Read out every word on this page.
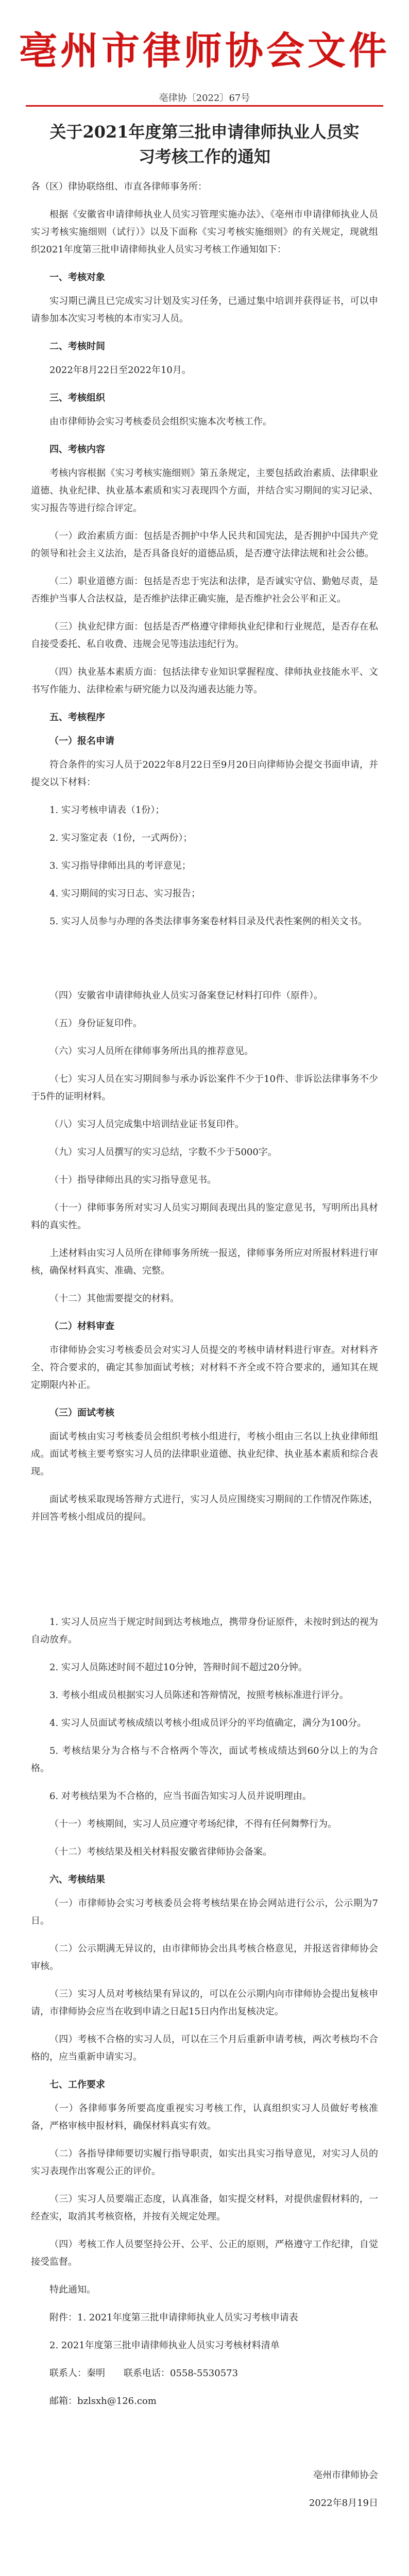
亳州市律师协会文件
亳律协〔2022〕67号
关于2021年度第三批申请律师执业人员实习考核工作的通知

各（区）律协联络组、市直各律师事务所：

根据《安徽省申请律师执业人员实习管理实施办法》、《亳州市申请律师执业人员实习考核实施细则（试行）》以及下面称《实习考核实施细则》的有关规定，现就组织2021年度第三批申请律师执业人员实习考核工作通知如下：

一、考核对象

实习期已满且已完成实习计划及实习任务，已通过集中培训并获得证书，可以申请参加本次实习考核的本市实习人员。

二、考核时间

2022年8月22日至2022年10月。

三、考核组织

由市律师协会实习考核委员会组织实施本次考核工作。

四、考核内容

考核内容根据《实习考核实施细则》第五条规定，主要包括政治素质、法律职业道德、执业纪律、执业基本素质和实习表现四个方面，并结合实习期间的实习记录、实习报告等进行综合评定。

（一）政治素质方面：包括是否拥护中华人民共和国宪法，是否拥护中国共产党的领导和社会主义法治，是否具备良好的道德品质，是否遵守法律法规和社会公德。

（二）职业道德方面：包括是否忠于宪法和法律，是否诚实守信、勤勉尽责，是否维护当事人合法权益，是否维护法律正确实施，是否维护社会公平和正义。

（三）执业纪律方面：包括是否严格遵守律师执业纪律和行业规范，是否存在私自接受委托、私自收费、违规会见等违法违纪行为。

（四）执业基本素质方面：包括法律专业知识掌握程度、律师执业技能水平、文书写作能力、法律检索与研究能力以及沟通表达能力等。

五、考核程序

（一）报名申请

符合条件的实习人员于2022年8月22日至9月20日向律师协会提交书面申请，并提交以下材料：

1. 实习考核申请表（1份）；

2. 实习鉴定表（1份，一式两份）；

3. 实习指导律师出具的考评意见；

4. 实习期间的实习日志、实习报告；

5. 实习人员参与办理的各类法律事务案卷材料目录及代表性案例的相关文书。

（四）安徽省申请律师执业人员实习备案登记材料打印件（原件）。

（五）身份证复印件。

（六）实习人员所在律师事务所出具的推荐意见。

（七）实习人员在实习期间参与承办诉讼案件不少于10件、非诉讼法律事务不少于5件的证明材料。

（八）实习人员完成集中培训结业证书复印件。

（九）实习人员撰写的实习总结，字数不少于5000字。

（十）指导律师出具的实习指导意见书。

（十一）律师事务所对实习人员实习期间表现出具的鉴定意见书，写明所出具材料的真实性。

上述材料由实习人员所在律师事务所统一报送，律师事务所应对所报材料进行审核，确保材料真实、准确、完整。

（十二）其他需要提交的材料。

（二）材料审查

市律师协会实习考核委员会对实习人员提交的考核申请材料进行审查。对材料齐全、符合要求的，确定其参加面试考核；对材料不齐全或不符合要求的，通知其在规定期限内补正。

（三）面试考核

面试考核由实习考核委员会组织考核小组进行，考核小组由三名以上执业律师组成。面试考核主要考察实习人员的法律职业道德、执业纪律、执业基本素质和综合表现。

面试考核采取现场答辩方式进行，实习人员应围绕实习期间的工作情况作陈述，并回答考核小组成员的提问。

1. 实习人员应当于规定时间到达考核地点，携带身份证原件，未按时到达的视为自动放弃。

2. 实习人员陈述时间不超过10分钟，答辩时间不超过20分钟。

3. 考核小组成员根据实习人员陈述和答辩情况，按照考核标准进行评分。

4. 实习人员面试考核成绩以考核小组成员评分的平均值确定，满分为100分。

5. 考核结果分为合格与不合格两个等次，面试考核成绩达到60分以上的为合格。

6. 对考核结果为不合格的，应当书面告知实习人员并说明理由。

（十一）考核期间，实习人员应遵守考场纪律，不得有任何舞弊行为。

（十二）考核结果及相关材料报安徽省律师协会备案。

六、考核结果

（一）市律师协会实习考核委员会将考核结果在协会网站进行公示，公示期为7日。

（二）公示期满无异议的，由市律师协会出具考核合格意见，并报送省律师协会审核。

（三）实习人员对考核结果有异议的，可以在公示期内向市律师协会提出复核申请，市律师协会应当在收到申请之日起15日内作出复核决定。

（四）考核不合格的实习人员，可以在三个月后重新申请考核，两次考核均不合格的，应当重新申请实习。

七、工作要求

（一）各律师事务所要高度重视实习考核工作，认真组织实习人员做好考核准备，严格审核申报材料，确保材料真实有效。

（二）各指导律师要切实履行指导职责，如实出具实习指导意见，对实习人员的实习表现作出客观公正的评价。

（三）实习人员要端正态度，认真准备，如实提交材料，对提供虚假材料的，一经查实，取消其考核资格，并按有关规定处理。

（四）考核工作人员要坚持公开、公平、公正的原则，严格遵守工作纪律，自觉接受监督。

特此通知。

附件：1. 2021年度第三批申请律师执业人员实习考核申请表

2. 2021年度第三批申请律师执业人员实习考核材料清单

联系人：秦明　　联系电话：0558-5530573

邮箱：bzlsxh@126.com

亳州市律师协会

2022年8月19日
